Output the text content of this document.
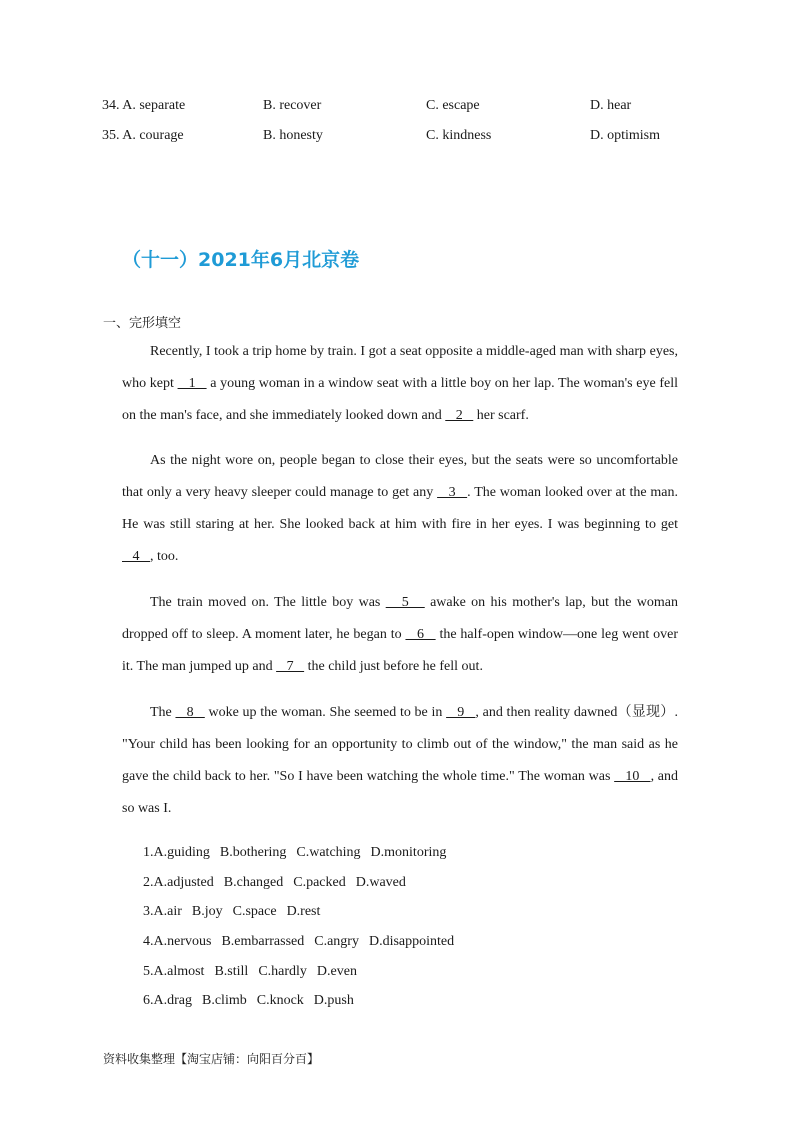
34. A. separate	B. recover	C. escape	D. hear
35. A. courage	B. honesty	C. kindness	D. optimism
（十一）2021年6月北京卷
一、完形填空

Recently, I took a trip home by train. I got a seat opposite a middle-aged man with sharp eyes, who kept    1    a young woman in a window seat with a little boy on her lap. The woman's eye fell on the man's face, and she immediately looked down and    2    her scarf.

As the night wore on, people began to close their eyes, but the seats were so uncomfortable that only a very heavy sleeper could manage to get any    3   . The woman looked over at the man. He was still staring at her. She looked back at him with fire in her eyes. I was beginning to get    4   , too.

The train moved on. The little boy was    5    awake on his mother's lap, but the woman dropped off to sleep. A moment later, he began to    6    the half-open window—one leg went over it. The man jumped up and    7    the child just before he fell out.

The    8    woke up the woman. She seemed to be in    9   , and then reality dawned（显现）. "Your child has been looking for an opportunity to climb out of the window," the man said as he gave the child back to her. "So I have been watching the whole time." The woman was    10   , and so was I.

1.A.guiding B.bothering C.watching D.monitoring
2.A.adjusted B.changed C.packed D.waved
3.A.air B.joy C.space D.rest
4.A.nervous B.embarrassed C.angry D.disappointed
5.A.almost B.still C.hardly D.even
6.A.drag B.climb C.knock D.push
资料收集整理【淘宝店铺：向阳百分百】
